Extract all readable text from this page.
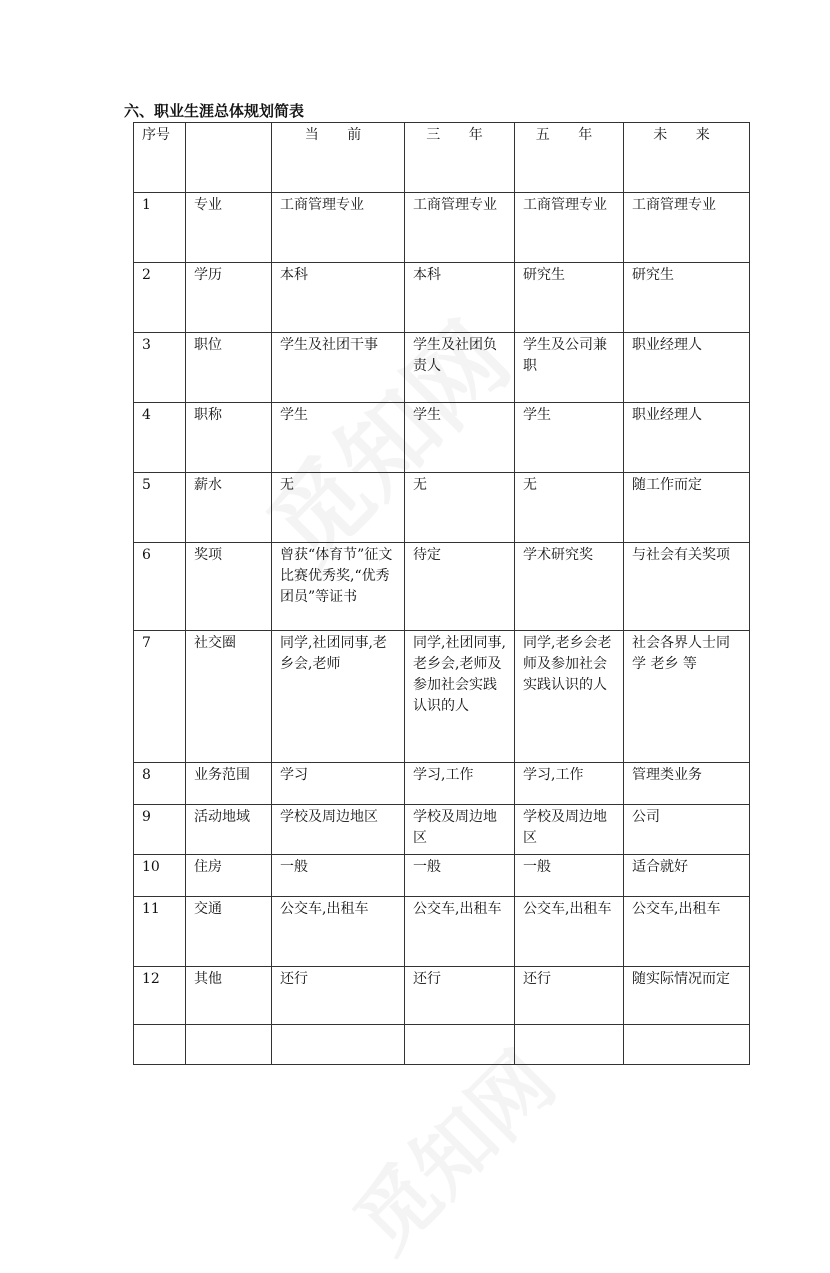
六、职业生涯总体规划简表
序号		当 前	三 年	五 年	未 来
1	专业	工商管理专业	工商管理专业	工商管理专业	工商管理专业
2	学历	本科	本科	研究生	研究生
3	职位	学生及社团干事	学生及社团负责人	学生及公司兼职	职业经理人
4	职称	学生	学生	学生	职业经理人
5	薪水	无	无	无	随工作而定
6	奖项	曾获“体育节”征文比赛优秀奖,“优秀团员”等证书	待定	学术研究奖	与社会有关奖项
7	社交圈	同学,社团同事,老乡会,老师	同学,社团同事,老乡会,老师及参加社会实践认识的人	同学,老乡会老师及参加社会实践认识的人	社会各界人士同学 老乡 等
8	业务范围	学习	学习,工作	学习,工作	管理类业务
9	活动地域	学校及周边地区	学校及周边地区	学校及周边地区	公司
10	住房	一般	一般	一般	适合就好
11	交通	公交车,出租车	公交车,出租车	公交车,出租车	公交车,出租车
12	其他	还行	还行	还行	随实际情况而定
